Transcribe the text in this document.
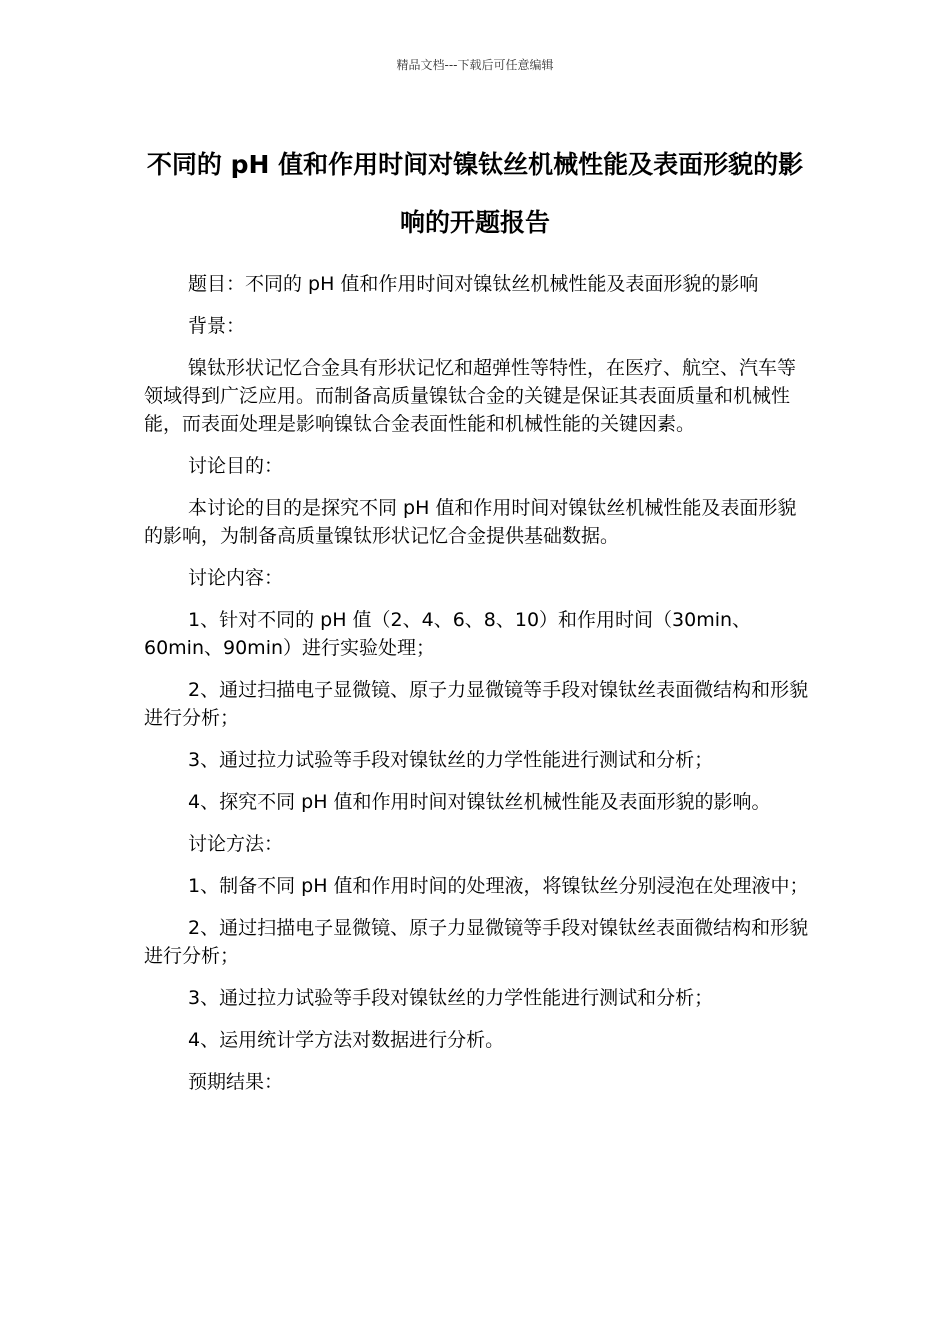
精品文档---下载后可任意编辑
不同的 pH 值和作用时间对镍钛丝机械性能及表面形貌的影响的开题报告

题目：不同的 pH 值和作用时间对镍钛丝机械性能及表面形貌的影响

背景：

镍钛形状记忆合金具有形状记忆和超弹性等特性，在医疗、航空、汽车等领域得到广泛应用。而制备高质量镍钛合金的关键是保证其表面质量和机械性能，而表面处理是影响镍钛合金表面性能和机械性能的关键因素。

讨论目的：

本讨论的目的是探究不同 pH 值和作用时间对镍钛丝机械性能及表面形貌的影响，为制备高质量镍钛形状记忆合金提供基础数据。

讨论内容：

1、针对不同的 pH 值（2、4、6、8、10）和作用时间（30min、60min、90min）进行实验处理；

2、通过扫描电子显微镜、原子力显微镜等手段对镍钛丝表面微结构和形貌进行分析；

3、通过拉力试验等手段对镍钛丝的力学性能进行测试和分析；

4、探究不同 pH 值和作用时间对镍钛丝机械性能及表面形貌的影响。

讨论方法：

1、制备不同 pH 值和作用时间的处理液，将镍钛丝分别浸泡在处理液中；

2、通过扫描电子显微镜、原子力显微镜等手段对镍钛丝表面微结构和形貌进行分析；

3、通过拉力试验等手段对镍钛丝的力学性能进行测试和分析；

4、运用统计学方法对数据进行分析。

预期结果：
